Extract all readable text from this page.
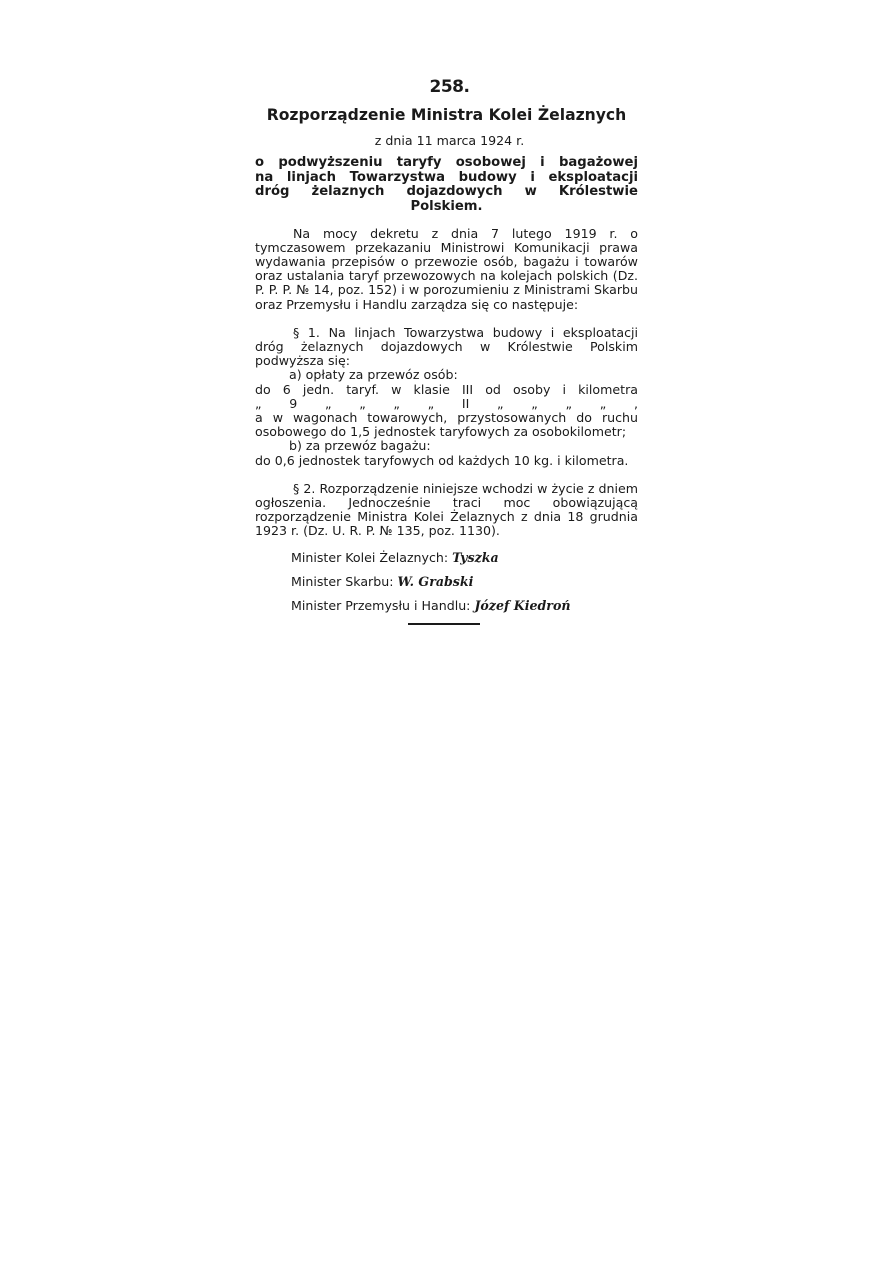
258.
Rozporządzenie Ministra Kolei Żelaznych
z dnia 11 marca 1924 r.
o podwyższeniu taryfy osobowej i bagażowej
na linjach Towarzystwa budowy i eksploatacji
dróg żelaznych dojazdowych w Królestwie
Polskiem.

Na mocy dekretu z dnia 7 lutego 1919 r. o tymczasowem przekazaniu Ministrowi Komunikacji prawa wydawania przepisów o przewozie osób, bagażu i towarów oraz ustalania taryf przewozowych na kolejach polskich (Dz. P. P. P. № 14, poz. 152) i w porozumieniu z Ministrami Skarbu oraz Przemysłu i Handlu zarządza się co następuje:

§ 1. Na linjach Towarzystwa budowy i eksploatacji dróg żelaznych dojazdowych w Królestwie Polskim podwyższa się:

a) opłaty za przewóz osób:

do 6 jedn. taryf. w klasie III od osoby i kilometra
„ 9 „ „ „ „ II „ „ „ „ ,

a w wagonach towarowych, przystosowanych do ruchu osobowego do 1,5 jednostek taryfowych za osobokilometr;

b) za przewóz bagażu:

do 0,6 jednostek taryfowych od każdych 10 kg. i kilometra.

§ 2. Rozporządzenie niniejsze wchodzi w życie z dniem ogłoszenia. Jednocześnie traci moc obowiązującą rozporządzenie Ministra Kolei Żelaznych z dnia 18 grudnia 1923 r. (Dz. U. R. P. № 135, poz. 1130).

Minister Kolei Żelaznych: Tyszka
Minister Skarbu: W. Grabski
Minister Przemysłu i Handlu: Józef Kiedroń
